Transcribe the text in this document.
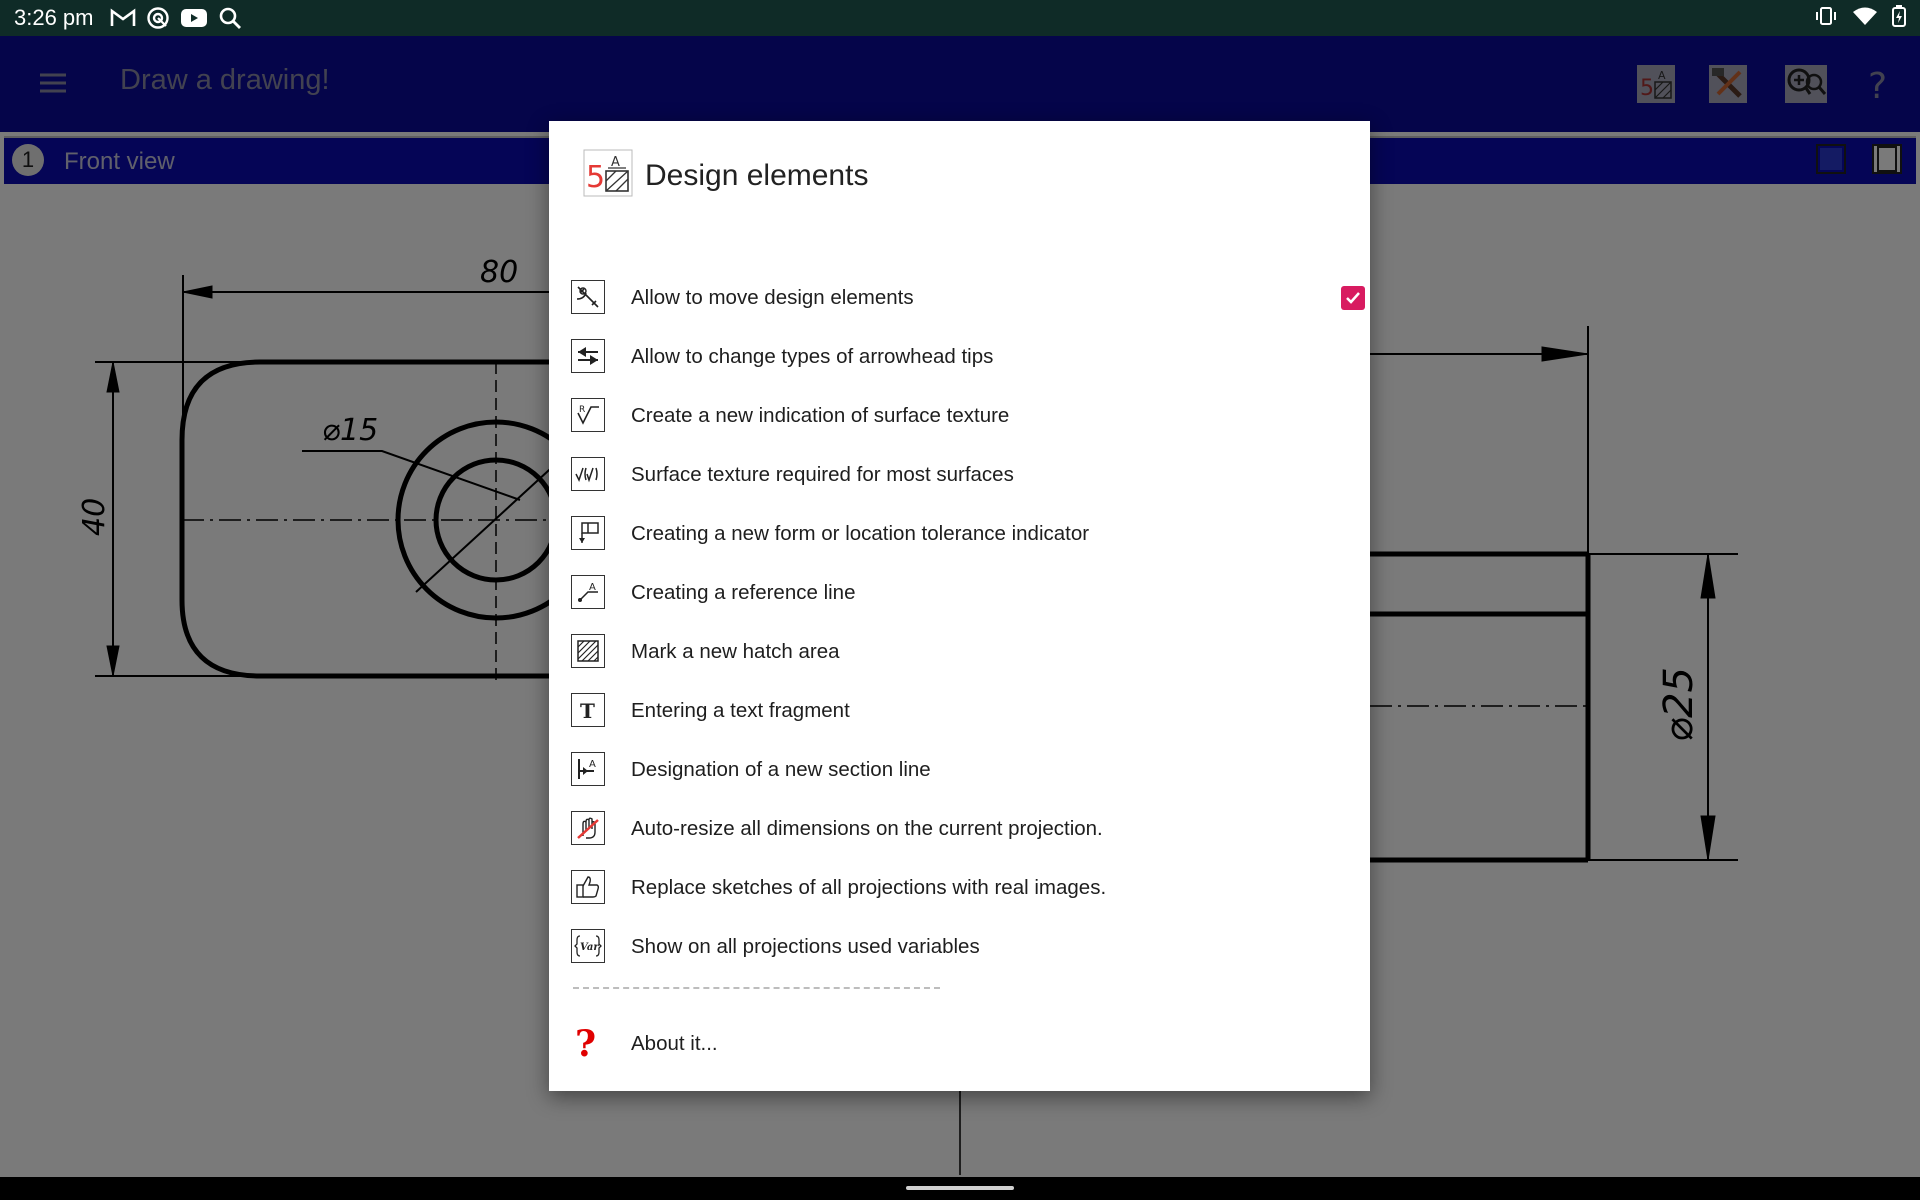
3:26 pm
5 A Design elements
Allow to move design elements
Allow to change types of arrowhead tips
R Create a new indication of surface texture
Surface texture required for most surfaces
Creating a new form or location tolerance indicator
A Creating a reference line
Mark a new hatch area
T Entering a text fragment
A Designation of a new section line
Auto-resize all dimensions on the current projection.
Replace sketches of all projections with real images.
Var Show on all projections used variables
? About it...
